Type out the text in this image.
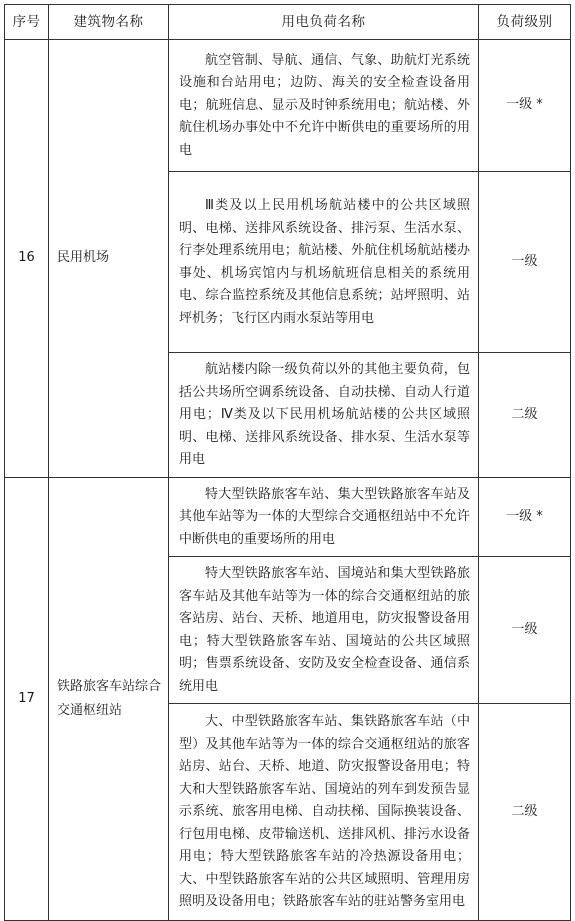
序号	建筑物名称	用电负荷名称	负荷级别
16	民用机场	航空管制、导航、通信、气象、助航灯光系统设施和台站用电；边防、海关的安全检查设备用电；航班信息、显示及时钟系统用电；航站楼、外航住机场办事处中不允许中断供电的重要场所的用电	一级 *
		Ⅲ类及以上民用机场航站楼中的公共区域照明、电梯、送排风系统设备、排污泵、生活水泵、行李处理系统用电；航站楼、外航住机场航站楼办事处、机场宾馆内与机场航班信息相关的系统用电、综合监控系统及其他信息系统；站坪照明、站坪机务；飞行区内雨水泵站等用电	一级
		航站楼内除一级负荷以外的其他主要负荷，包括公共场所空调系统设备、自动扶梯、自动人行道用电；Ⅳ类及以下民用机场航站楼的公共区域照明、电梯、送排风系统设备、排水泵、生活水泵等用电	二级
17	铁路旅客车站综合交通枢纽站	特大型铁路旅客车站、集大型铁路旅客车站及其他车站等为一体的大型综合交通枢纽站中不允许中断供电的重要场所的用电	一级 *
		特大型铁路旅客车站、国境站和集大型铁路旅客车站及其他车站等为一体的综合交通枢纽站的旅客站房、站台、天桥、地道用电，防灾报警设备用电；特大型铁路旅客车站、国境站的公共区域照明；售票系统设备、安防及安全检查设备、通信系统用电	一级
		大、中型铁路旅客车站、集铁路旅客车站（中型）及其他车站等为一体的综合交通枢纽站的旅客站房、站台、天桥、地道、防灾报警设备用电；特大和大型铁路旅客车站、国境站的列车到发预告显示系统、旅客用电梯、自动扶梯、国际换装设备、行包用电梯、皮带输送机、送排风机、排污水设备用电；特大型铁路旅客车站的冷热源设备用电；大、中型铁路旅客车站的公共区域照明、管理用房照明及设备用电；铁路旅客车站的驻站警务室用电	二级
